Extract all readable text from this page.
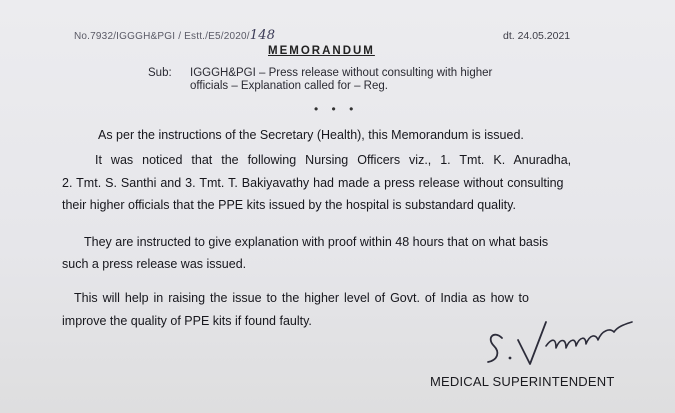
No.7932/IGGGH&PGI / Estt./E5/2020/148	dt. 24.05.2021
MEMORANDUM
Sub: IGGGH&PGI – Press release without consulting with higher
officials – Explanation called for – Reg.
• • •
As per the instructions of the Secretary (Health), this Memorandum is issued.
It was noticed that the following Nursing Officers viz., 1. Tmt. K. Anuradha,
2. Tmt. S. Santhi and 3. Tmt. T. Bakiyavathy had made a press release without consulting
their higher officials that the PPE kits issued by the hospital is substandard quality.
They are instructed to give explanation with proof within 48 hours that on what basis
such a press release was issued.
This will help in raising the issue to the higher level of Govt. of India as how to
improve the quality of PPE kits if found faulty.
MEDICAL SUPERINTENDENT
